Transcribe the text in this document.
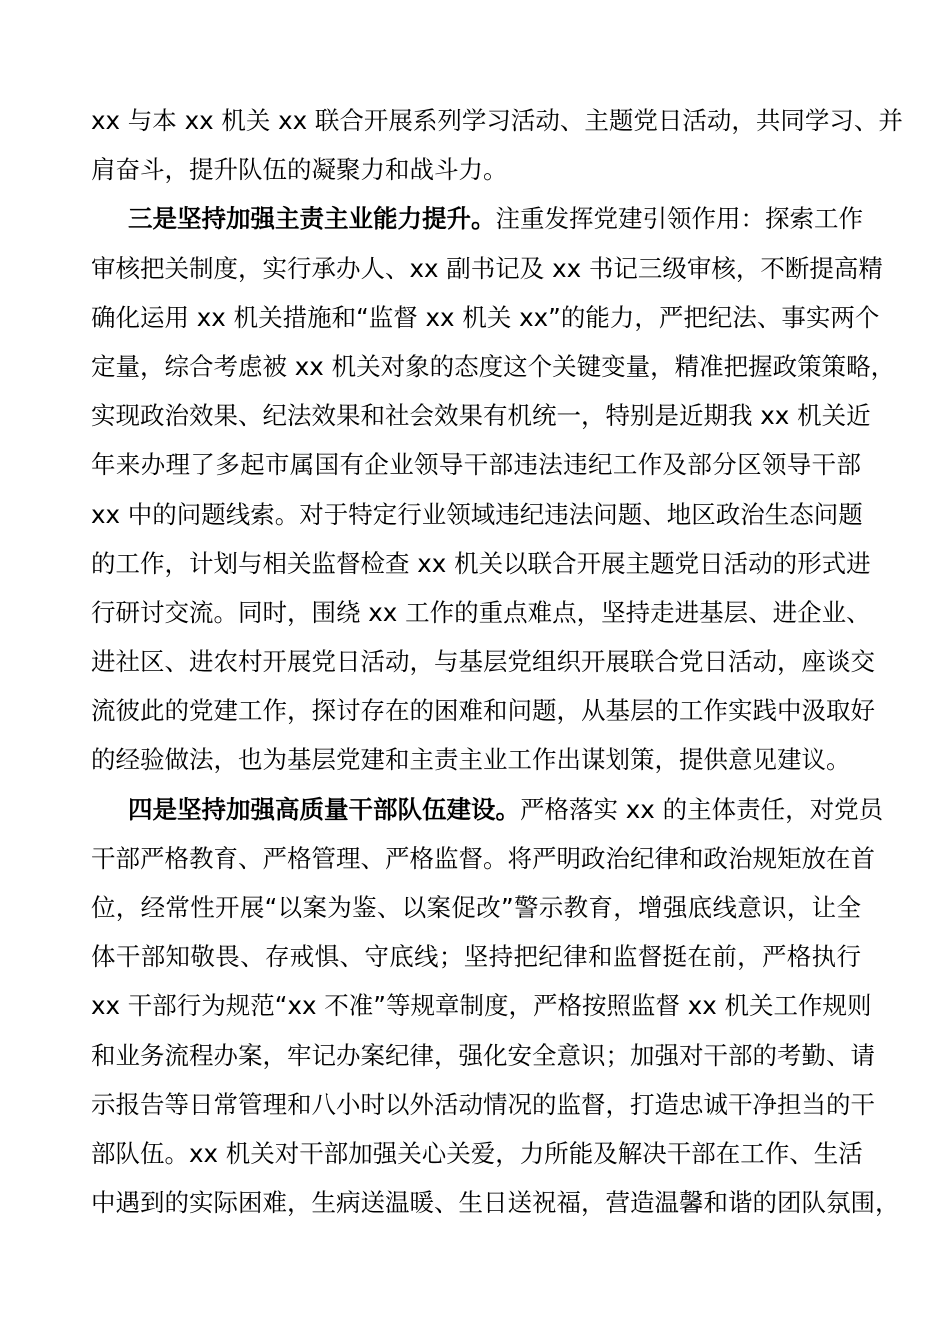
xx 与本 xx 机关 xx 联合开展系列学习活动、主题党日活动，共同学习、并
肩奋斗，提升队伍的凝聚力和战斗力。
三是坚持加强主责主业能力提升。注重发挥党建引领作用：探索工作
审核把关制度，实行承办人、xx 副书记及 xx 书记三级审核，不断提高精
确化运用 xx 机关措施和“监督 xx 机关 xx”的能力，严把纪法、事实两个
定量，综合考虑被 xx 机关对象的态度这个关键变量，精准把握政策策略，
实现政治效果、纪法效果和社会效果有机统一，特别是近期我 xx 机关近
年来办理了多起市属国有企业领导干部违法违纪工作及部分区领导干部
xx 中的问题线索。对于特定行业领域违纪违法问题、地区政治生态问题
的工作，计划与相关监督检查 xx 机关以联合开展主题党日活动的形式进
行研讨交流。同时，围绕 xx 工作的重点难点，坚持走进基层、进企业、
进社区、进农村开展党日活动，与基层党组织开展联合党日活动，座谈交
流彼此的党建工作，探讨存在的困难和问题，从基层的工作实践中汲取好
的经验做法，也为基层党建和主责主业工作出谋划策，提供意见建议。
四是坚持加强高质量干部队伍建设。严格落实 xx 的主体责任，对党员
干部严格教育、严格管理、严格监督。将严明政治纪律和政治规矩放在首
位，经常性开展“以案为鉴、以案促改”警示教育，增强底线意识，让全
体干部知敬畏、存戒惧、守底线；坚持把纪律和监督挺在前，严格执行
xx 干部行为规范“xx 不准”等规章制度，严格按照监督 xx 机关工作规则
和业务流程办案，牢记办案纪律，强化安全意识；加强对干部的考勤、请
示报告等日常管理和八小时以外活动情况的监督，打造忠诚干净担当的干
部队伍。xx 机关对干部加强关心关爱，力所能及解决干部在工作、生活
中遇到的实际困难，生病送温暖、生日送祝福，营造温馨和谐的团队氛围，
